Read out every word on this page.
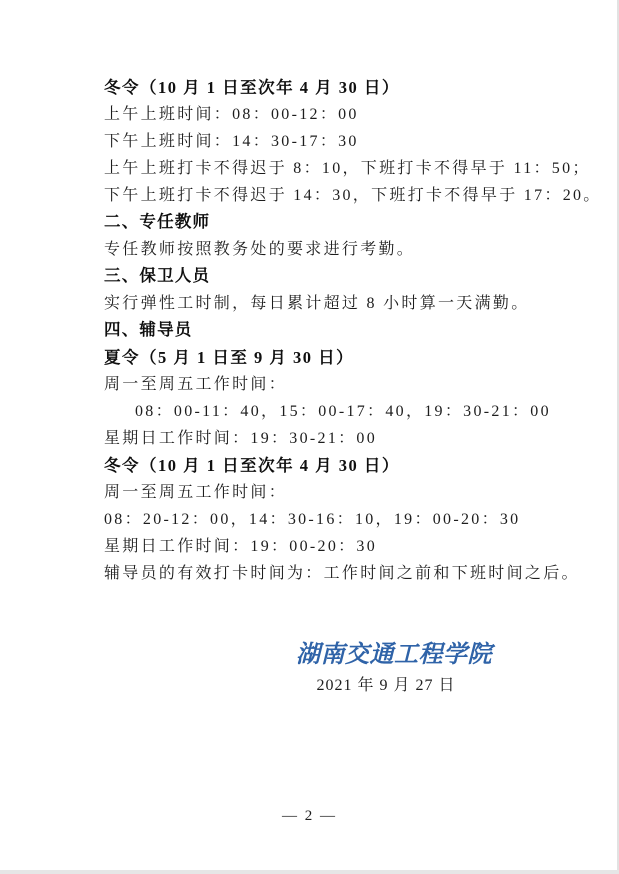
冬令（10 月 1 日至次年 4 月 30 日）
上午上班时间：08：00-12：00
下午上班时间：14：30-17：30
上午上班打卡不得迟于 8：10，下班打卡不得早于 11：50；
下午上班打卡不得迟于 14：30，下班打卡不得早于 17：20。
二、专任教师
专任教师按照教务处的要求进行考勤。
三、保卫人员
实行弹性工时制，每日累计超过 8 小时算一天满勤。
四、辅导员
夏令（5 月 1 日至 9 月 30 日）
周一至周五工作时间：
08：00-11：40，15：00-17：40，19：30-21：00
星期日工作时间：19：30-21：00
冬令（10 月 1 日至次年 4 月 30 日）
周一至周五工作时间：
08：20-12：00，14：30-16：10，19：00-20：30
星期日工作时间：19：00-20：30
辅导员的有效打卡时间为：工作时间之前和下班时间之后。
湖南交通工程学院
2021 年 9 月 27 日
— 2 —
